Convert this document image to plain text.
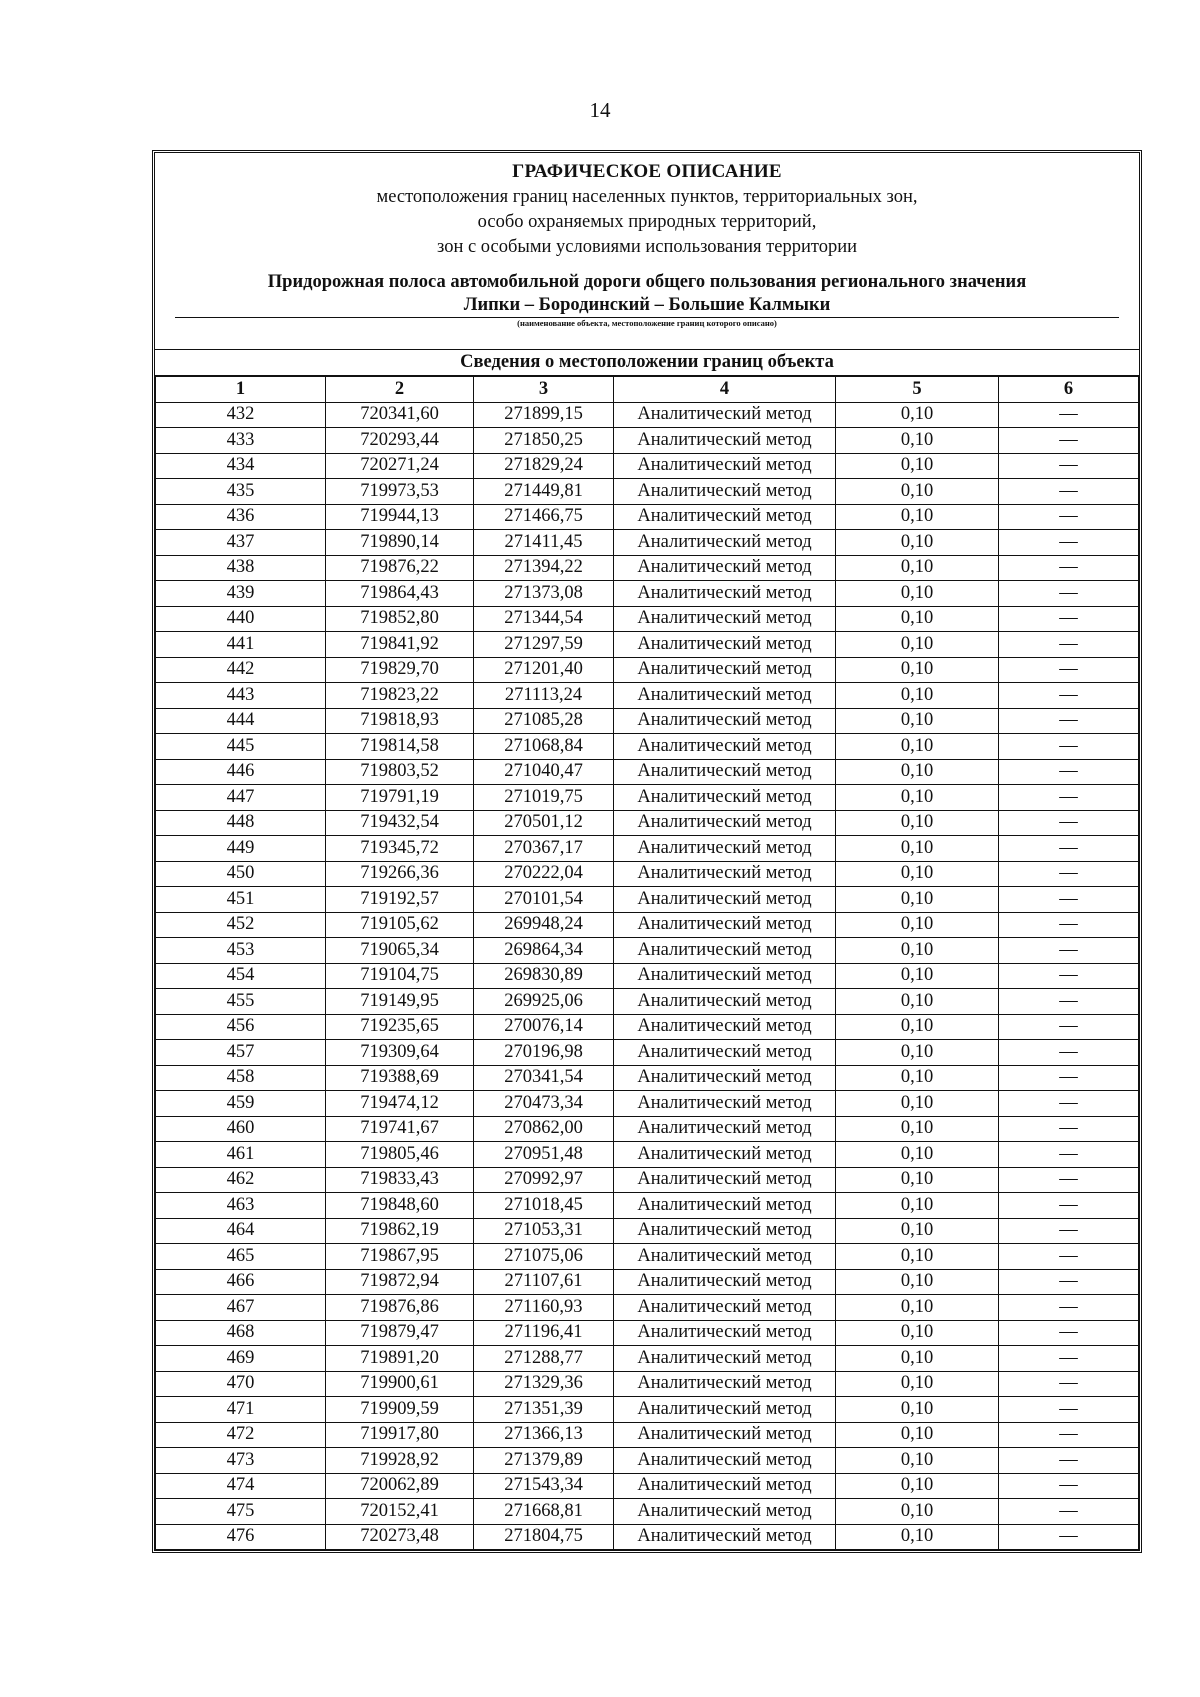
14
ГРАФИЧЕСКОЕ ОПИСАНИЕ
местоположения границ населенных пунктов, территориальных зон,
особо охраняемых природных территорий,
зон с особыми условиями использования территории
Придорожная полоса автомобильной дороги общего пользования регионального значения
Липки – Бородинский – Большие Калмыки
(наименование объекта, местоположение границ которого описано)
Сведения о местоположении границ объекта
1	2	3	4	5	6
432	720341,60	271899,15	Аналитический метод	0,10	—
433	720293,44	271850,25	Аналитический метод	0,10	—
434	720271,24	271829,24	Аналитический метод	0,10	—
435	719973,53	271449,81	Аналитический метод	0,10	—
436	719944,13	271466,75	Аналитический метод	0,10	—
437	719890,14	271411,45	Аналитический метод	0,10	—
438	719876,22	271394,22	Аналитический метод	0,10	—
439	719864,43	271373,08	Аналитический метод	0,10	—
440	719852,80	271344,54	Аналитический метод	0,10	—
441	719841,92	271297,59	Аналитический метод	0,10	—
442	719829,70	271201,40	Аналитический метод	0,10	—
443	719823,22	271113,24	Аналитический метод	0,10	—
444	719818,93	271085,28	Аналитический метод	0,10	—
445	719814,58	271068,84	Аналитический метод	0,10	—
446	719803,52	271040,47	Аналитический метод	0,10	—
447	719791,19	271019,75	Аналитический метод	0,10	—
448	719432,54	270501,12	Аналитический метод	0,10	—
449	719345,72	270367,17	Аналитический метод	0,10	—
450	719266,36	270222,04	Аналитический метод	0,10	—
451	719192,57	270101,54	Аналитический метод	0,10	—
452	719105,62	269948,24	Аналитический метод	0,10	—
453	719065,34	269864,34	Аналитический метод	0,10	—
454	719104,75	269830,89	Аналитический метод	0,10	—
455	719149,95	269925,06	Аналитический метод	0,10	—
456	719235,65	270076,14	Аналитический метод	0,10	—
457	719309,64	270196,98	Аналитический метод	0,10	—
458	719388,69	270341,54	Аналитический метод	0,10	—
459	719474,12	270473,34	Аналитический метод	0,10	—
460	719741,67	270862,00	Аналитический метод	0,10	—
461	719805,46	270951,48	Аналитический метод	0,10	—
462	719833,43	270992,97	Аналитический метод	0,10	—
463	719848,60	271018,45	Аналитический метод	0,10	—
464	719862,19	271053,31	Аналитический метод	0,10	—
465	719867,95	271075,06	Аналитический метод	0,10	—
466	719872,94	271107,61	Аналитический метод	0,10	—
467	719876,86	271160,93	Аналитический метод	0,10	—
468	719879,47	271196,41	Аналитический метод	0,10	—
469	719891,20	271288,77	Аналитический метод	0,10	—
470	719900,61	271329,36	Аналитический метод	0,10	—
471	719909,59	271351,39	Аналитический метод	0,10	—
472	719917,80	271366,13	Аналитический метод	0,10	—
473	719928,92	271379,89	Аналитический метод	0,10	—
474	720062,89	271543,34	Аналитический метод	0,10	—
475	720152,41	271668,81	Аналитический метод	0,10	—
476	720273,48	271804,75	Аналитический метод	0,10	—
